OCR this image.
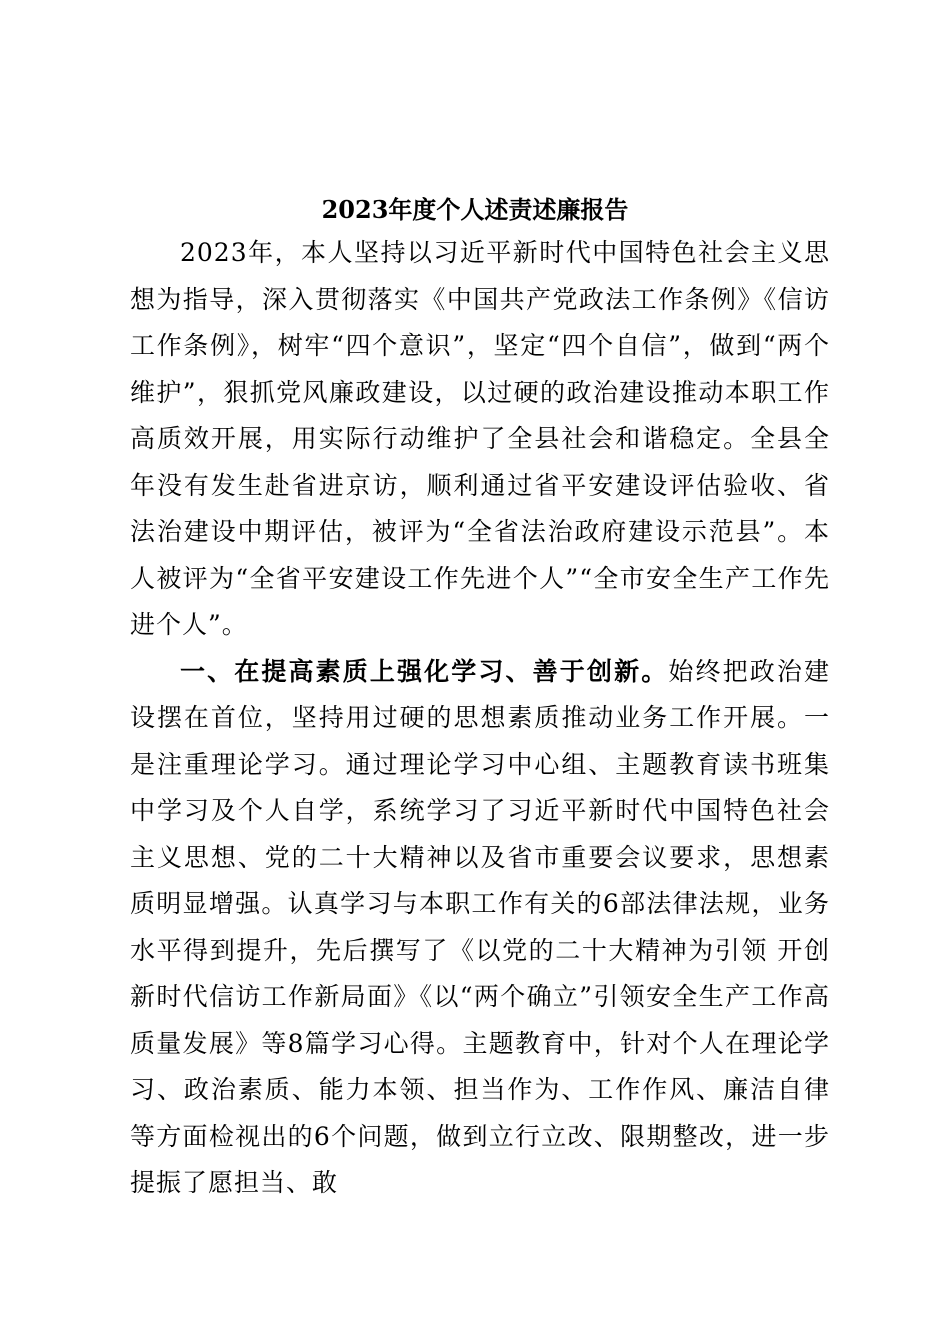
2023年度个人述责述廉报告

2023年，本人坚持以习近平新时代中国特色社会主义思想为指导，深入贯彻落实《中国共产党政法工作条例》《信访工作条例》，树牢“四个意识”，坚定“四个自信”，做到“两个维护”，狠抓党风廉政建设，以过硬的政治建设推动本职工作高质效开展，用实际行动维护了全县社会和谐稳定。全县全年没有发生赴省进京访，顺利通过省平安建设评估验收、省法治建设中期评估，被评为“全省法治政府建设示范县”。本人被评为“全省平安建设工作先进个人”“全市安全生产工作先进个人”。

一、在提高素质上强化学习、善于创新。始终把政治建设摆在首位，坚持用过硬的思想素质推动业务工作开展。一是注重理论学习。通过理论学习中心组、主题教育读书班集中学习及个人自学，系统学习了习近平新时代中国特色社会主义思想、党的二十大精神以及省市重要会议要求，思想素质明显增强。认真学习与本职工作有关的6部法律法规，业务水平得到提升，先后撰写了《以党的二十大精神为引领 开创新时代信访工作新局面》《以“两个确立”引领安全生产工作高质量发展》等8篇学习心得。主题教育中，针对个人在理论学习、政治素质、能力本领、担当作为、工作作风、廉洁自律等方面检视出的6个问题，做到立行立改、限期整改，进一步提振了愿担当、敢
